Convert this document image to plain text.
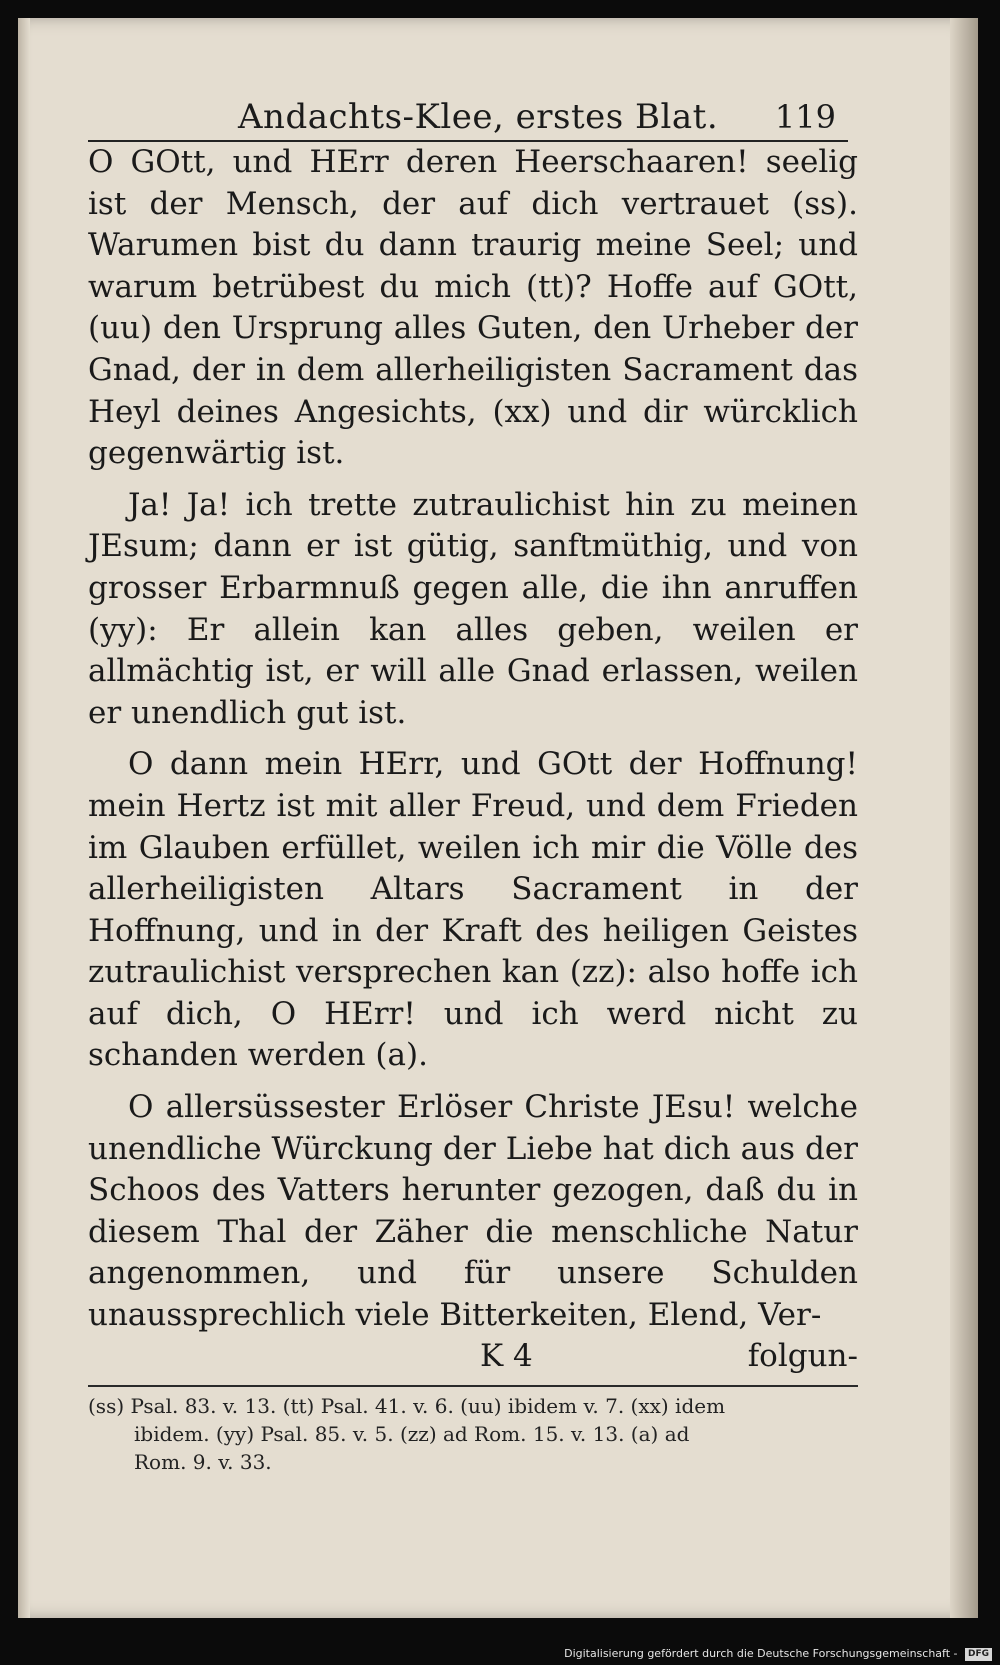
Andachts-Klee, erstes Blat. 119

O GOtt, und HErr deren Heerschaaren! seelig ist der Mensch, der auf dich vertrauet (ss). Warumen bist du dann traurig meine Seel; und warum betrübest du mich (tt)? Hoffe auf GOtt, (uu) den Ursprung alles Guten, den Urheber der Gnad, der in dem allerheiligisten Sacrament das Heyl deines Angesichts, (xx) und dir würcklich gegenwärtig ist.

Ja! Ja! ich trette zutraulichist hin zu meinen JEsum; dann er ist gütig, sanftmüthig, und von grosser Erbarmnuß gegen alle, die ihn anruffen (yy): Er allein kan alles geben, weilen er allmächtig ist, er will alle Gnad erlassen, weilen er unendlich gut ist.

O dann mein HErr, und GOtt der Hoffnung! mein Hertz ist mit aller Freud, und dem Frieden im Glauben erfüllet, weilen ich mir die Völle des allerheiligisten Altars Sacrament in der Hoffnung, und in der Kraft des heiligen Geistes zutraulichist versprechen kan (zz): also hoffe ich auf dich, O HErr! und ich werd nicht zu schanden werden (a).

O allersüssester Erlöser Christe JEsu! welche unendliche Würckung der Liebe hat dich aus der Schoos des Vatters herunter gezogen, daß du in diesem Thal der Zäher die menschliche Natur angenommen, und für unsere Schulden unaussprechlich viele Bitterkeiten, Elend, Ver-

K 4	folgun-
(ss) Psal. 83. v. 13. (tt) Psal. 41. v. 6. (uu) ibidem v. 7. (xx) idem
ibidem. (yy) Psal. 85. v. 5. (zz) ad Rom. 15. v. 13. (a) ad
Rom. 9. v. 33.
Digitalisierung gefördert durch die Deutsche Forschungsgemeinschaft - DFG
